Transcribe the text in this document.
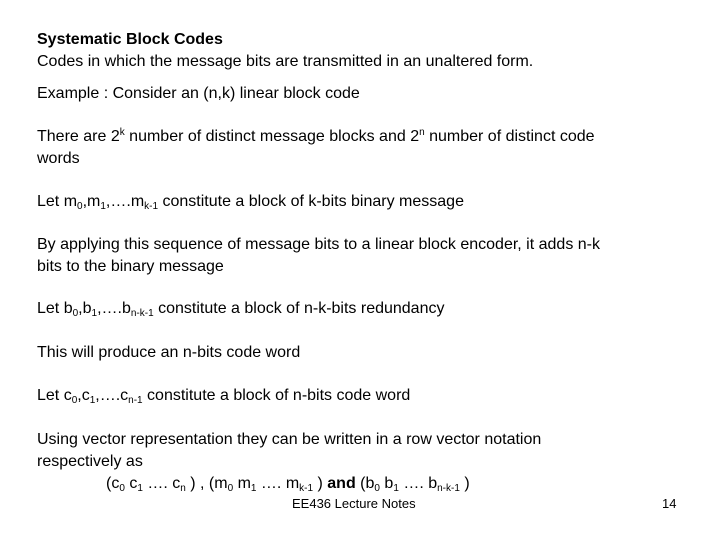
Systematic Block Codes
Codes in which the message bits are transmitted in an unaltered form.
Example : Consider an (n,k) linear block code
There are 2$^k$ number of distinct message blocks and 2$^n$ number of distinct code
words
Let $m_0,m_1,\dots.m_{k-1}$ constitute a block of k-bits binary message
By applying this sequence of message bits to a linear block encoder, it adds n-k
bits to the binary message
Let $b_0,b_1,\dots.b_{n-k-1}$ constitute a block of n-k-bits redundancy
This will produce an n-bits code word
Let $c_0,c_1,\dots.c_{n-1}$ constitute a block of n-bits code word
Using vector representation they can be written in a row vector notation
respectively as
($c_0$ $c_1$ …. $c_n$ ) , ($m_0$ $m_1$ …. $m_{k-1}$ ) and ($b_0$ $b_1$ …. $b_{n-k-1}$ )
EE436 Lecture Notes	14
